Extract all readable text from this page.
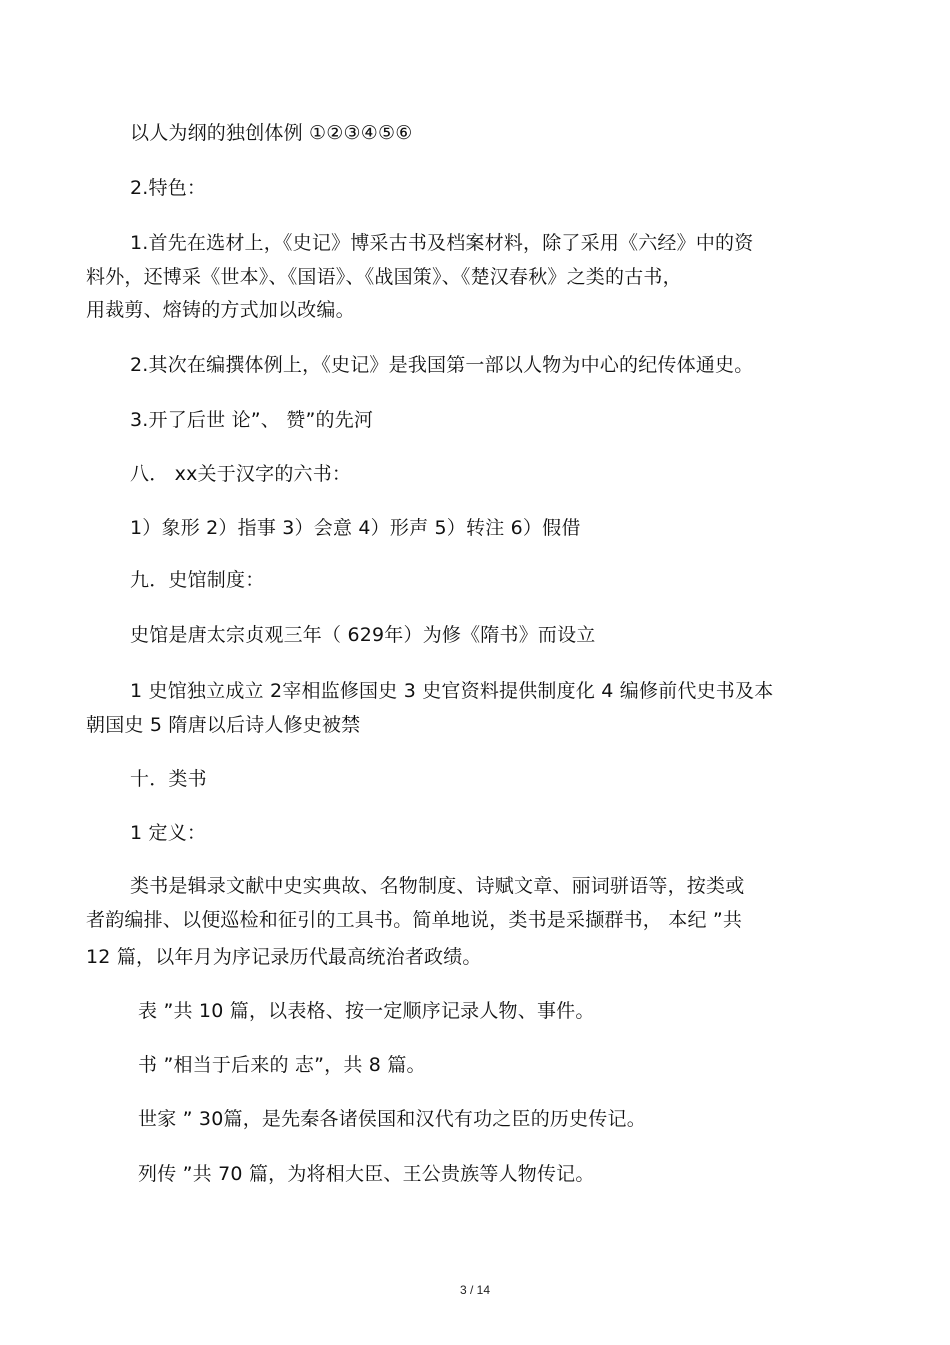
以人为纲的独创体例 ①②③④⑤⑥
2.特色：
1.首先在选材上，《史记》博采古书及档案材料，除了采用《六经》中的资
料外，还博采《世本》、《国语》、《战国策》、《楚汉春秋》之类的古书，
用裁剪、熔铸的方式加以改编。
2.其次在编撰体例上，《史记》是我国第一部以人物为中心的纪传体通史。
3.开了后世 论”、 赞”的先河
八． xx关于汉字的六书：
1）象形 2）指事 3）会意 4）形声 5）转注 6）假借
九．史馆制度：
史馆是唐太宗贞观三年（ 629年）为修《隋书》而设立
1 史馆独立成立 2宰相监修国史 3 史官资料提供制度化 4 编修前代史书及本
朝国史 5 隋唐以后诗人修史被禁
十．类书
1 定义：
类书是辑录文献中史实典故、名物制度、诗赋文章、丽词骈语等，按类或
者韵编排、以便巡检和征引的工具书。简单地说，类书是采撷群书， 本纪 ”共
12 篇，以年月为序记录历代最高统治者政绩。
表 ”共 10 篇，以表格、按一定顺序记录人物、事件。
书 ”相当于后来的 志”，共 8 篇。
世家 ” 30篇，是先秦各诸侯国和汉代有功之臣的历史传记。
列传 ”共 70 篇，为将相大臣、王公贵族等人物传记。
3 / 14
